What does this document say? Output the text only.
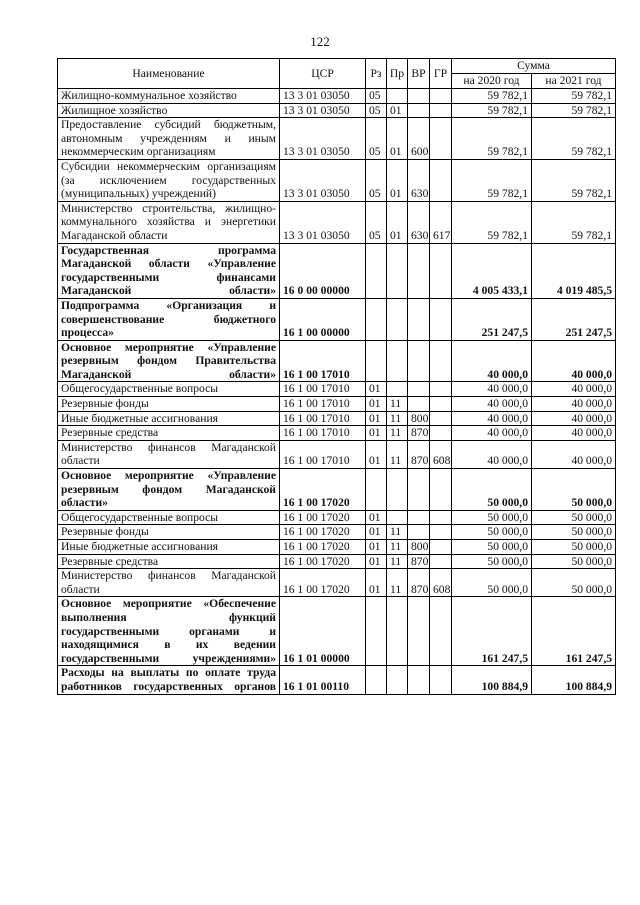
122
Наименование	ЦСР	Рз	Пр	ВР	ГР	Сумма	
						на 2020 год	на 2021 год
Жилищно-коммунальное хозяйство	13 3 01 03050	05				59 782,1	59 782,1
Жилищное хозяйство	13 3 01 03050	05	01			59 782,1	59 782,1
Предоставление субсидий бюджетным, автономным учреждениям и иным некоммерческим организациям	13 3 01 03050	05	01	600		59 782,1	59 782,1
Субсидии некоммерческим организациям (за исключением государственных (муниципальных) учреждений)	13 3 01 03050	05	01	630		59 782,1	59 782,1
Министерство строительства, жилищно-коммунального хозяйства и энергетики Магаданской области	13 3 01 03050	05	01	630	617	59 782,1	59 782,1
Государственная программа Магаданской области «Управление государственными финансами Магаданской области»	16 0 00 00000					4 005 433,1	4 019 485,5
Подпрограмма «Организация и совершенствование бюджетного процесса»	16 1 00 00000					251 247,5	251 247,5
Основное мероприятие «Управление резервным фондом Правительства Магаданской области»	16 1 00 17010					40 000,0	40 000,0
Общегосударственные вопросы	16 1 00 17010	01				40 000,0	40 000,0
Резервные фонды	16 1 00 17010	01	11			40 000,0	40 000,0
Иные бюджетные ассигнования	16 1 00 17010	01	11	800		40 000,0	40 000,0
Резервные средства	16 1 00 17010	01	11	870		40 000,0	40 000,0
Министерство финансов Магаданской области	16 1 00 17010	01	11	870	608	40 000,0	40 000,0
Основное мероприятие «Управление резервным фондом Магаданской области»	16 1 00 17020					50 000,0	50 000,0
Общегосударственные вопросы	16 1 00 17020	01				50 000,0	50 000,0
Резервные фонды	16 1 00 17020	01	11			50 000,0	50 000,0
Иные бюджетные ассигнования	16 1 00 17020	01	11	800		50 000,0	50 000,0
Резервные средства	16 1 00 17020	01	11	870		50 000,0	50 000,0
Министерство финансов Магаданской области	16 1 00 17020	01	11	870	608	50 000,0	50 000,0
Основное мероприятие «Обеспечение выполнения функций государственными органами и находящимися в их ведении государственными учреждениями»	16 1 01 00000					161 247,5	161 247,5
Расходы на выплаты по оплате труда работников государственных органов	16 1 01 00110					100 884,9	100 884,9
